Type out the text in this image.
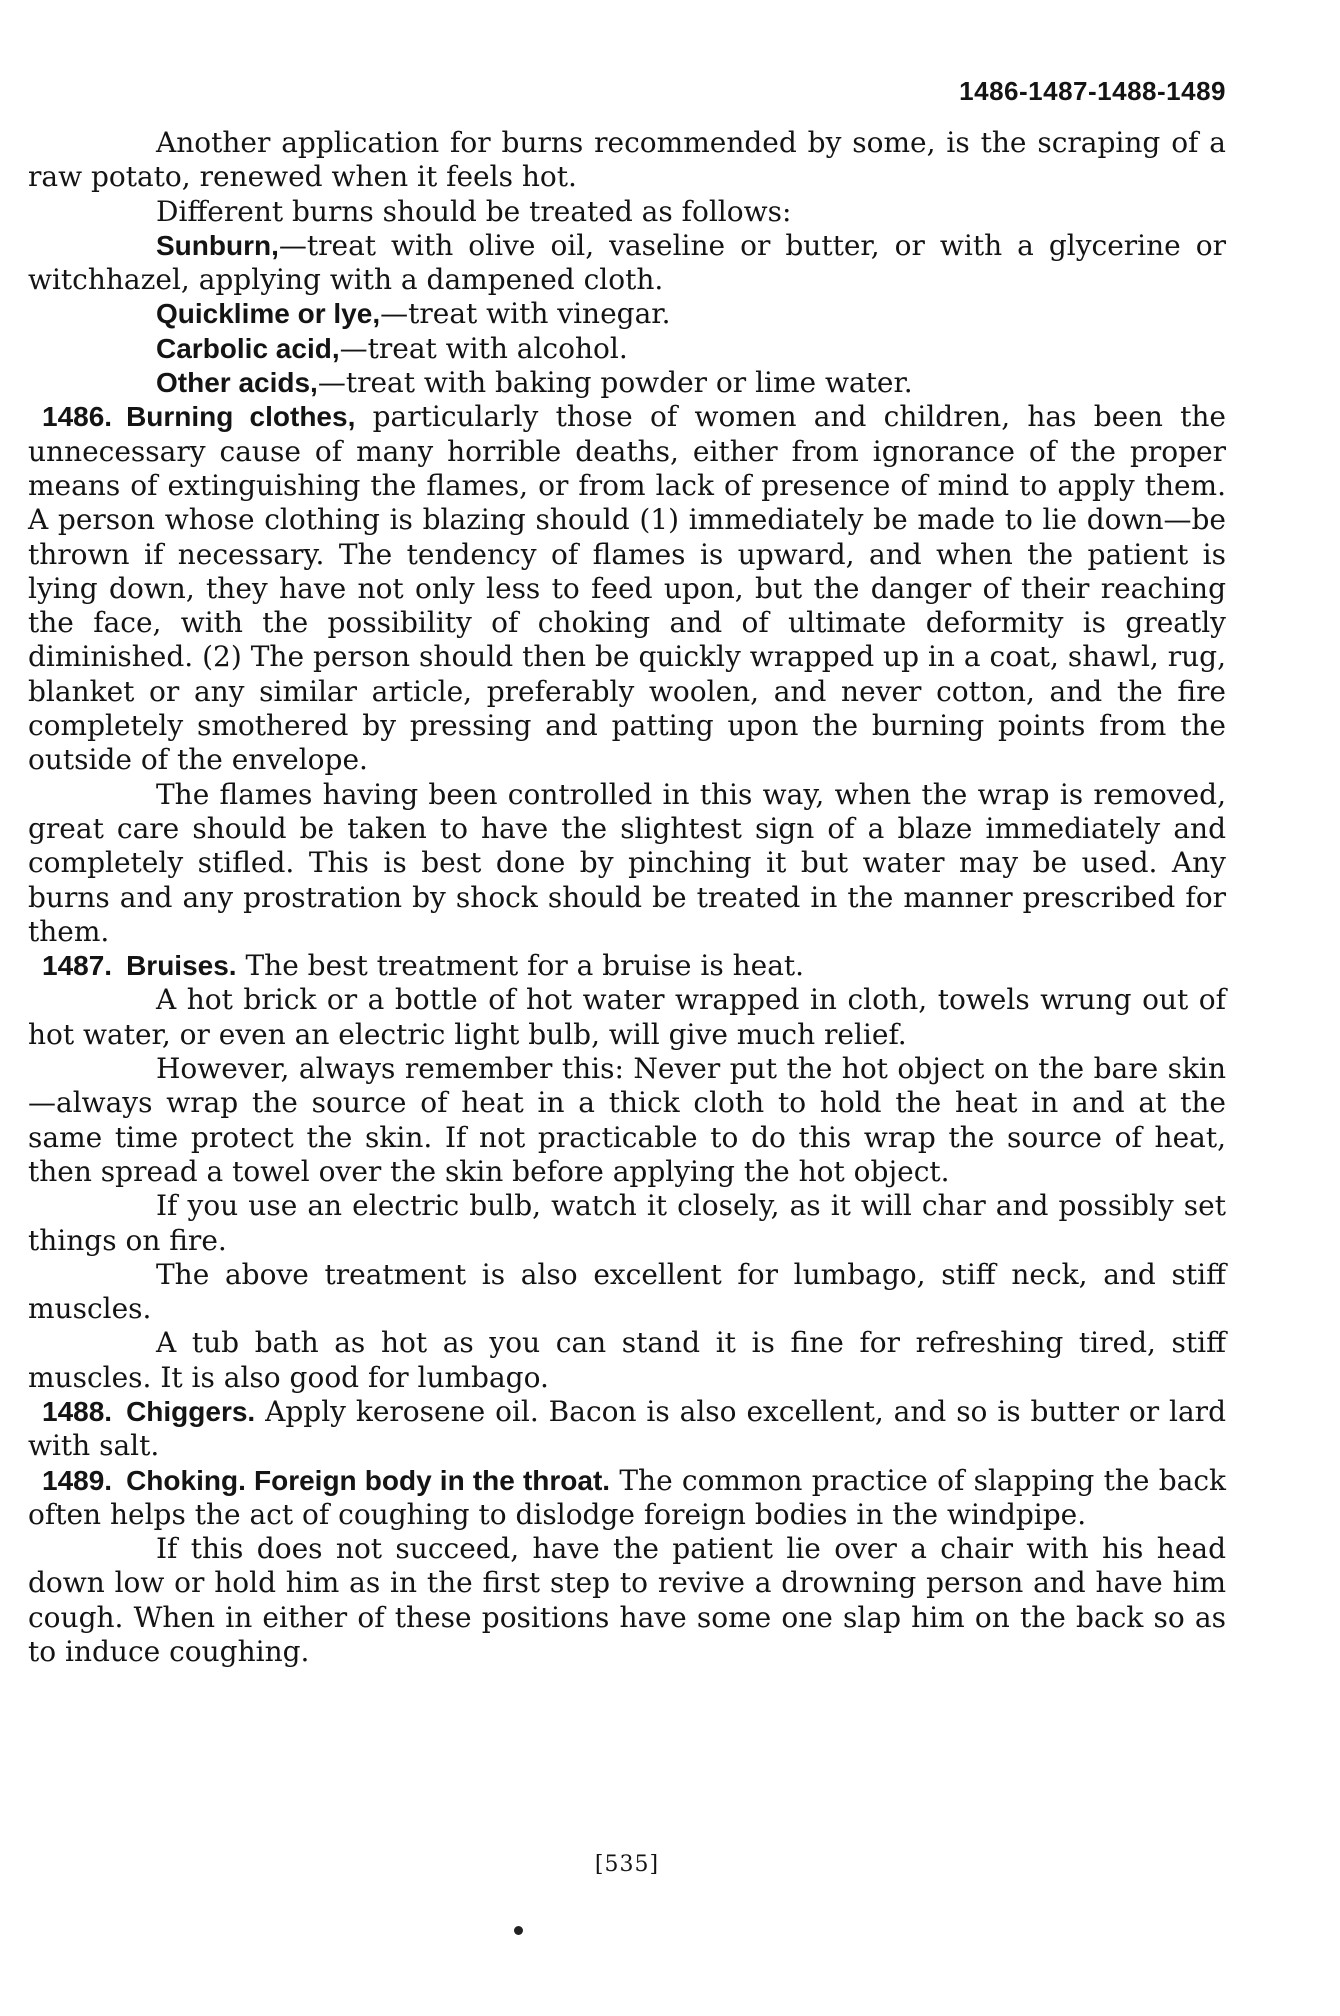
1486-1487-1488-1489

Another application for burns recommended by some, is the scraping of a raw potato, renewed when it feels hot.

Different burns should be treated as follows:

Sunburn,—treat with olive oil, vaseline or butter, or with a glycerine or witchhazel, applying with a dampened cloth.

Quicklime or lye,—treat with vinegar.

Carbolic acid,—treat with alcohol.

Other acids,—treat with baking powder or lime water.

1486. Burning clothes, particularly those of women and children, has been the unnecessary cause of many horrible deaths, either from ignorance of the proper means of extinguishing the flames, or from lack of presence of mind to apply them. A person whose clothing is blazing should (1) immediately be made to lie down—be thrown if necessary. The tendency of flames is upward, and when the patient is lying down, they have not only less to feed upon, but the danger of their reaching the face, with the possibility of choking and of ultimate deformity is greatly diminished. (2) The person should then be quickly wrapped up in a coat, shawl, rug, blanket or any similar article, preferably woolen, and never cotton, and the fire completely smothered by pressing and patting upon the burning points from the outside of the envelope.

The flames having been controlled in this way, when the wrap is removed, great care should be taken to have the slightest sign of a blaze immediately and completely stifled. This is best done by pinching it but water may be used. Any burns and any prostration by shock should be treated in the manner prescribed for them.

1487. Bruises. The best treatment for a bruise is heat.

A hot brick or a bottle of hot water wrapped in cloth, towels wrung out of hot water, or even an electric light bulb, will give much relief.

However, always remember this: Never put the hot object on the bare skin—always wrap the source of heat in a thick cloth to hold the heat in and at the same time protect the skin. If not practicable to do this wrap the source of heat, then spread a towel over the skin before applying the hot object.

If you use an electric bulb, watch it closely, as it will char and possibly set things on fire.

The above treatment is also excellent for lumbago, stiff neck, and stiff muscles.

A tub bath as hot as you can stand it is fine for refreshing tired, stiff muscles. It is also good for lumbago.

1488. Chiggers. Apply kerosene oil. Bacon is also excellent, and so is butter or lard with salt.

1489. Choking. Foreign body in the throat. The common practice of slapping the back often helps the act of coughing to dislodge foreign bodies in the windpipe.

If this does not succeed, have the patient lie over a chair with his head down low or hold him as in the first step to revive a drowning person and have him cough. When in either of these positions have some one slap him on the back so as to induce coughing.

[535]
